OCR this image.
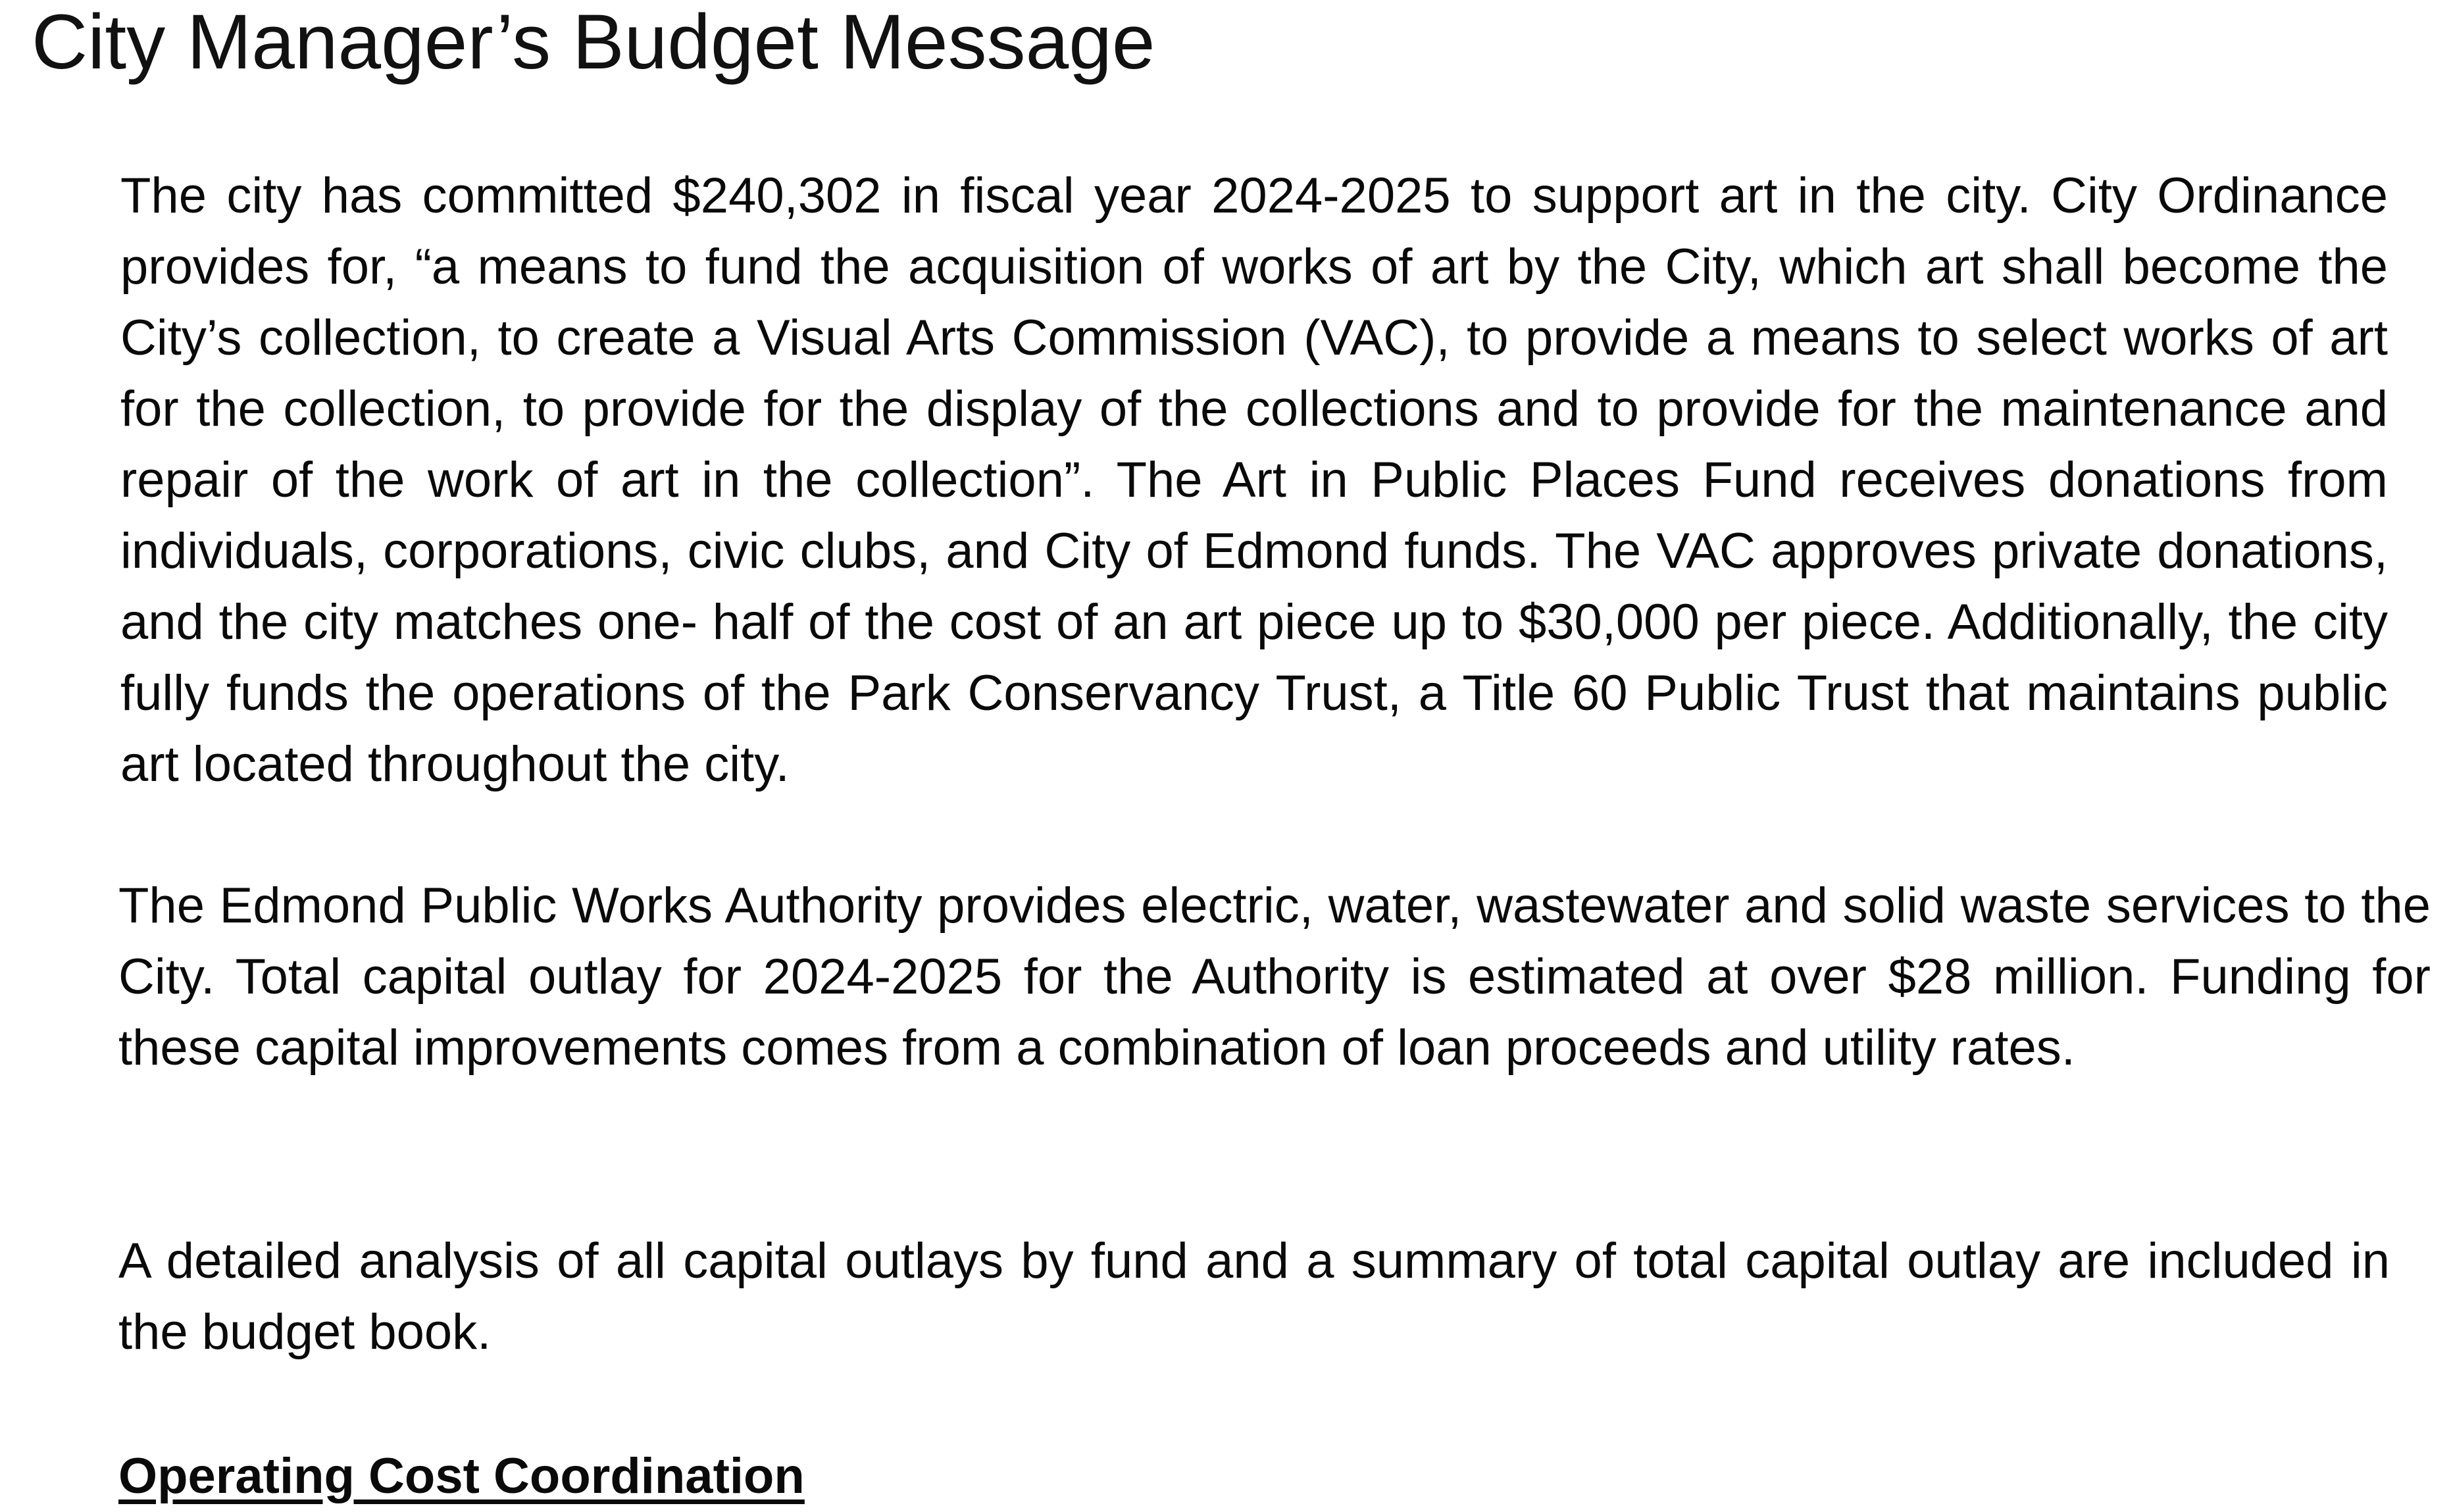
City Manager’s Budget Message

The city has committed $240,302 in fiscal year 2024-2025 to support art in the city. City Ordinance provides for, “a means to fund the acquisition of works of art by the City, which art shall become the City’s collection, to create a Visual Arts Commission (VAC), to provide a means to select works of art for the collection, to provide for the display of the collections and to provide for the maintenance and repair of the work of art in the collection”. The Art in Public Places Fund receives donations from individuals, corporations, civic clubs, and City of Edmond funds. The VAC approves private donations, and the city matches one- half of the cost of an art piece up to $30,000 per piece. Additionally, the city fully funds the operations of the Park Conservancy Trust, a Title 60 Public Trust that maintains public art located throughout the city.

The Edmond Public Works Authority provides electric, water, wastewater and solid waste services to the City. Total capital outlay for 2024-2025 for the Authority is estimated at over $28 million. Funding for these capital improvements comes from a combination of loan proceeds and utility rates.

A detailed analysis of all capital outlays by fund and a summary of total capital outlay are included in the budget book.

Operating Cost Coordination
